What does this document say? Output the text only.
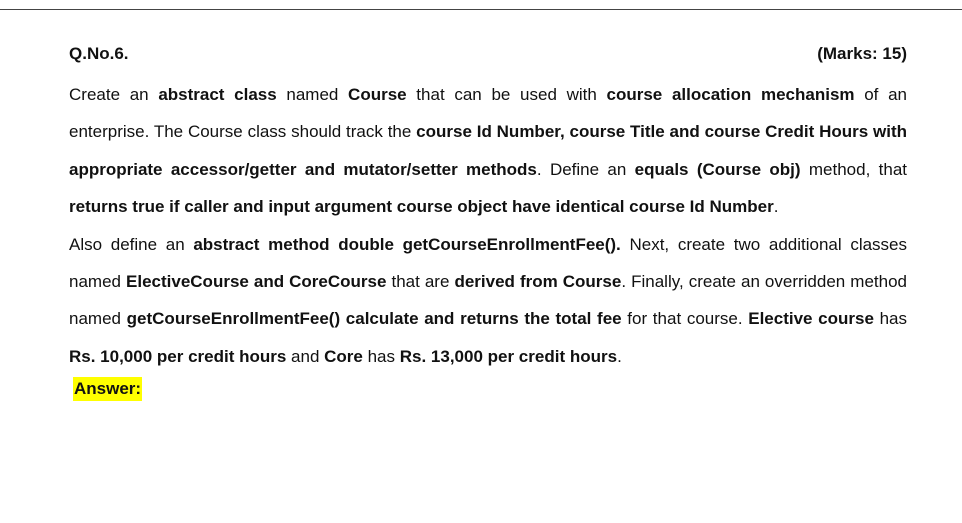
Q.No.6.	(Marks: 15)

Create an abstract class named Course that can be used with course allocation mechanism of an enterprise. The Course class should track the course Id Number, course Title and course Credit Hours with appropriate accessor/getter and mutator/setter methods. Define an equals (Course obj) method, that returns true if caller and input argument course object have identical course Id Number.

Also define an abstract method double getCourseEnrollmentFee(). Next, create two additional classes named ElectiveCourse and CoreCourse that are derived from Course. Finally, create an overridden method named getCourseEnrollmentFee() calculate and returns the total fee for that course. Elective course has Rs. 10,000 per credit hours and Core has Rs. 13,000 per credit hours.

Answer:
